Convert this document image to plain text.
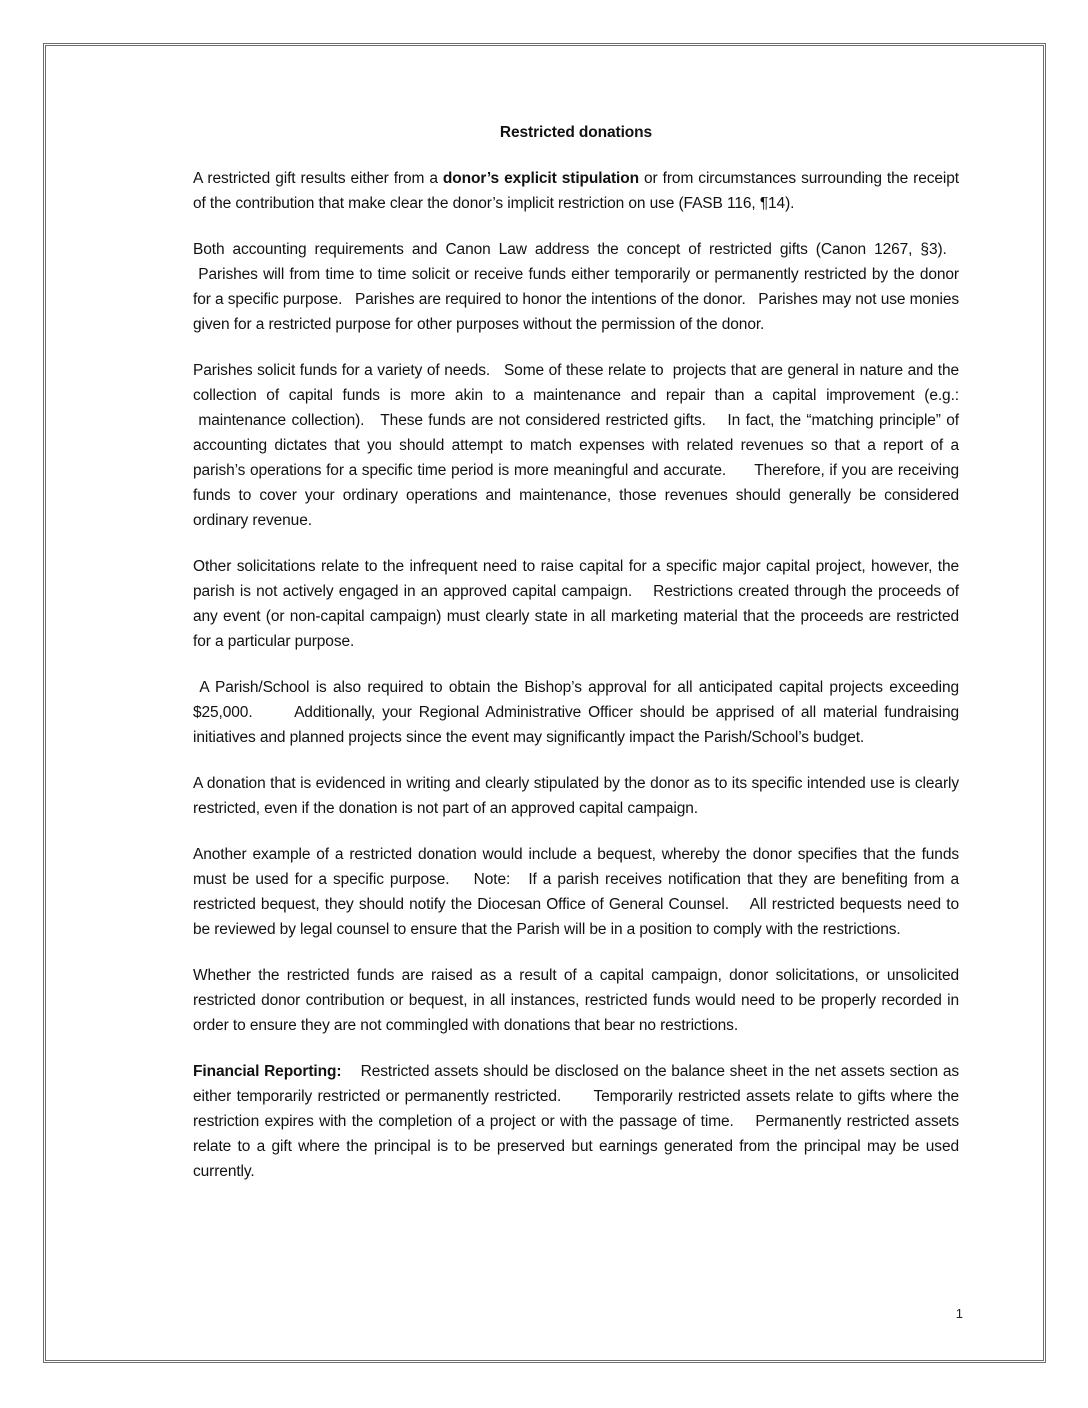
Restricted donations

A restricted gift results either from a donor’s explicit stipulation or from circumstances surrounding the receipt of the contribution that make clear the donor’s implicit restriction on use (FASB 116, ¶14).

Both accounting requirements and Canon Law address the concept of restricted gifts (Canon 1267, §3).    Parishes will from time to time solicit or receive funds either temporarily or permanently restricted by the donor for a specific purpose.   Parishes are required to honor the intentions of the donor.   Parishes may not use monies given for a restricted purpose for other purposes without the permission of the donor.

Parishes solicit funds for a variety of needs.   Some of these relate to  projects that are general in nature and the collection of capital funds is more akin to a maintenance and repair than a capital improvement (e.g.:  maintenance collection).   These funds are not considered restricted gifts.    In fact, the “matching principle” of accounting dictates that you should attempt to match expenses with related revenues so that a report of a parish’s operations for a specific time period is more meaningful and accurate.      Therefore, if you are receiving funds to cover your ordinary operations and maintenance, those revenues should generally be considered ordinary revenue.

Other solicitations relate to the infrequent need to raise capital for a specific major capital project, however, the parish is not actively engaged in an approved capital campaign.    Restrictions created through the proceeds of any event (or non-capital campaign) must clearly state in all marketing material that the proceeds are restricted for a particular purpose.

A Parish/School is also required to obtain the Bishop’s approval for all anticipated capital projects exceeding $25,000.      Additionally, your Regional Administrative Officer should be apprised of all material fundraising initiatives and planned projects since the event may significantly impact the Parish/School’s budget.

A donation that is evidenced in writing and clearly stipulated by the donor as to its specific intended use is clearly restricted, even if the donation is not part of an approved capital campaign.

Another example of a restricted donation would include a bequest, whereby the donor specifies that the funds must be used for a specific purpose.    Note:   If a parish receives notification that they are benefiting from a restricted bequest, they should notify the Diocesan Office of General Counsel.    All restricted bequests need to be reviewed by legal counsel to ensure that the Parish will be in a position to comply with the restrictions.

Whether the restricted funds are raised as a result of a capital campaign, donor solicitations, or unsolicited restricted donor contribution or bequest, in all instances, restricted funds would need to be properly recorded in order to ensure they are not commingled with donations that bear no restrictions.

Financial Reporting:    Restricted assets should be disclosed on the balance sheet in the net assets section as either temporarily restricted or permanently restricted.      Temporarily restricted assets relate to gifts where the restriction expires with the completion of a project or with the passage of time.    Permanently restricted assets relate to a gift where the principal is to be preserved but earnings generated from the principal may be used currently.

1
